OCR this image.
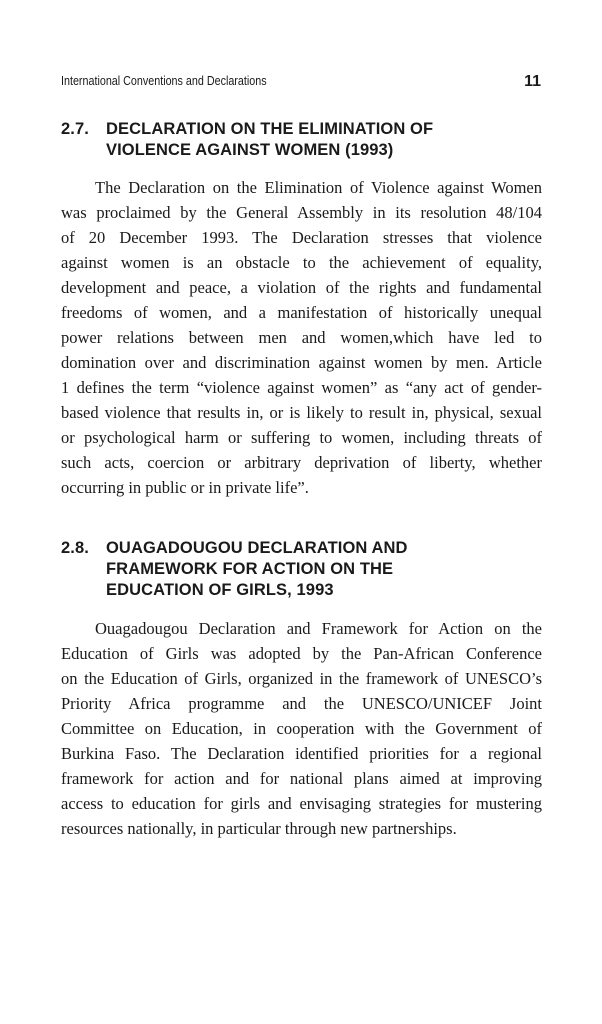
International Conventions and Declarations	11
2.7. DECLARATION ON THE ELIMINATION OF
VIOLENCE AGAINST WOMEN (1993)
The Declaration on the Elimination of Violence against Women
was proclaimed by the General Assembly in its resolution 48/104
of 20 December 1993. The Declaration stresses that violence
against women is an obstacle to the achievement of equality,
development and peace, a violation of the rights and fundamental
freedoms of women, and a manifestation of historically unequal
power relations between men and women,which have led to
domination over and discrimination against women by men. Article
1 defines the term “violence against women” as “any act of gender-
based violence that results in, or is likely to result in, physical, sexual
or psychological harm or suffering to women, including threats of
such acts, coercion or arbitrary deprivation of liberty, whether
occurring in public or in private life”.
2.8. OUAGADOUGOU DECLARATION AND
FRAMEWORK FOR ACTION ON THE
EDUCATION OF GIRLS, 1993
Ouagadougou Declaration and Framework for Action on the
Education of Girls was adopted by the Pan-African Conference
on the Education of Girls, organized in the framework of UNESCO’s
Priority Africa programme and the UNESCO/UNICEF Joint
Committee on Education, in cooperation with the Government of
Burkina Faso. The Declaration identified priorities for a regional
framework for action and for national plans aimed at improving
access to education for girls and envisaging strategies for mustering
resources nationally, in particular through new partnerships.
